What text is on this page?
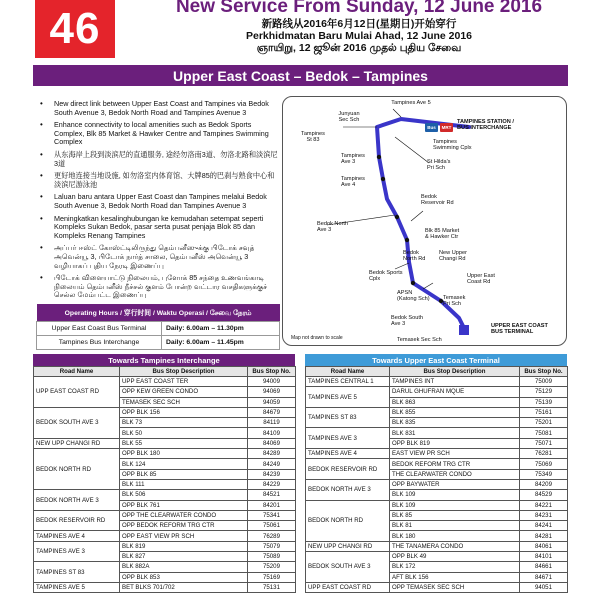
46	New Service From Sunday, 12 June 2016
新路线从2016年6月12日(星期日)开始穿行
Perkhidmatan Baru Mulai Ahad, 12 June 2016
ஞாயிறு, 12 ஜூன் 2016 முதல் புதிய சேவை
Upper East Coast – Bedok – Tampines
• New direct link between Upper East Coast and Tampines via Bedok South Avenue 3, Bedok North Road and Tampines Avenue 3
• Enhance connectivity to local amenities such as Bedok Sports Complex, Blk 85 Market & Hawker Centre and Tampines Swimming Complex
• 从东海岸上段到淡滨尼的直通服务, 途经勿洛南3道、勿洛北路和淡滨尼3道
• 更好地连接当地设施, 如勿洛室内体育馆、大牌85的巴刹与熟食中心和淡滨尼游泳池
• Laluan baru antara Upper East Coast dan Tampines melalui Bedok South Avenue 3, Bedok North Road dan Tampines Avenue 3
• Meningkatkan kesalinghubungan ke kemudahan setempat seperti Kompleks Sukan Bedok, pasar serta pusat penjaja Blok 85 dan Kompleks Renang Tampines
• அப்பர் ஈஸ்ட் கோஸ்ட்டிலிருந்து தெம்பனீஸுக்கு பிடோக் சவுத் அவென்யூ 3, பிடோக் நார்த் சாலை, தெம்பனீஸ் அவென்யூ 3 வழியாகப் புதிய நேரடி இணைப்பு
• பிடோக் விளையாட்டு நிலையம், புளோக் 85 சந்தை உணவங்காடி நிலையம் தெம்பனீஸ் நீச்சல் குளம் போன்ற வட்டார வசதிகளுக்குச் செல்ல மேம்பட்ட இணைப்பு
Operating Hours / 穿行时间 / Waktu Operasi / சேவை நேரம்	
Upper East Coast Bus Terminal	Daily: 6.00am – 11.30pm
Tampines Bus Interchange	Daily: 6.00am – 11.45pm
Tampines Ave 5
Junyuan
Sec Sch
Tampines
St 83
Bus	MRT
TAMPINES STATION /
BUS INTERCHANGE
Tampines
Swimming Cplx
Tampines
Ave 3	St Hilda's
Pri Sch
Tampines
Ave 4
Bedok
Reservoir Rd
Bedok North
Ave 3	Blk 85 Market
& Hawker Ctr
Bedok
North Rd
New Upper
Changi Rd
Bedok Sports
Cplx
Upper East
Coast Rd
APSN
(Katong Sch) Temasek
Pri Sch
Bedok South
Ave 3	UPPER EAST COAST
BUS TERMINAL
Temasek Sec Sch
Map not drawn to scale
Towards Tampines Interchange
Road Name	Bus Stop Description	Bus Stop No.
UPP EAST COAST RD	UPP EAST COAST TER	94009
	OPP KEW GREEN CONDO	94069
	TEMASEK SEC SCH	94059
BEDOK SOUTH AVE 3	OPP BLK 156	84679
	BLK 73	84119
	BLK 50	84109
NEW UPP CHANGI RD	BLK 55	84069
BEDOK NORTH RD	OPP BLK 180	84289
	BLK 124	84249
	OPP BLK 85	84239
	BLK 111	84229
BEDOK NORTH AVE 3	BLK 506	84521
	OPP BLK 761	84201
BEDOK RESERVOIR RD	OPP THE CLEARWATER CONDO	75341
	OPP BEDOK REFORM TRG CTR	75061
TAMPINES AVE 4	OPP EAST VIEW PR SCH	76289
TAMPINES AVE 3	BLK 819	75079
	BLK 827	75089
TAMPINES ST 83	BLK 882A	75209
	OPP BLK 853	75169
TAMPINES AVE 5	BET BLKS 701/702	75131
Towards Upper East Coast Terminal
Road Name	Bus Stop Description	Bus Stop No.
TAMPINES CENTRAL 1	TAMPINES INT	75009
TAMPINES AVE 5	DARUL GHUFRAN MQUE	75129
	BLK 863	75139
TAMPINES ST 83	BLK 855	75161
	BLK 835	75201
TAMPINES AVE 3	BLK 831	75081
	OPP BLK 819	75071
TAMPINES AVE 4	EAST VIEW PR SCH	76281
BEDOK RESERVOIR RD	BEDOK REFORM TRG CTR	75069
	THE CLEARWATER CONDO	75349
BEDOK NORTH AVE 3	OPP BAYWATER	84209
	BLK 109	84529
BEDOK NORTH RD	BLK 109	84221
	BLK 85	84231
	BLK 81	84241
	BLK 180	84281
NEW UPP CHANGI RD	THE TANAMERA CONDO	84061
BEDOK SOUTH AVE 3	OPP BLK 49	84101
	BLK 172	84661
	AFT BLK 156	84671
UPP EAST COAST RD	OPP TEMASEK SEC SCH	94051
